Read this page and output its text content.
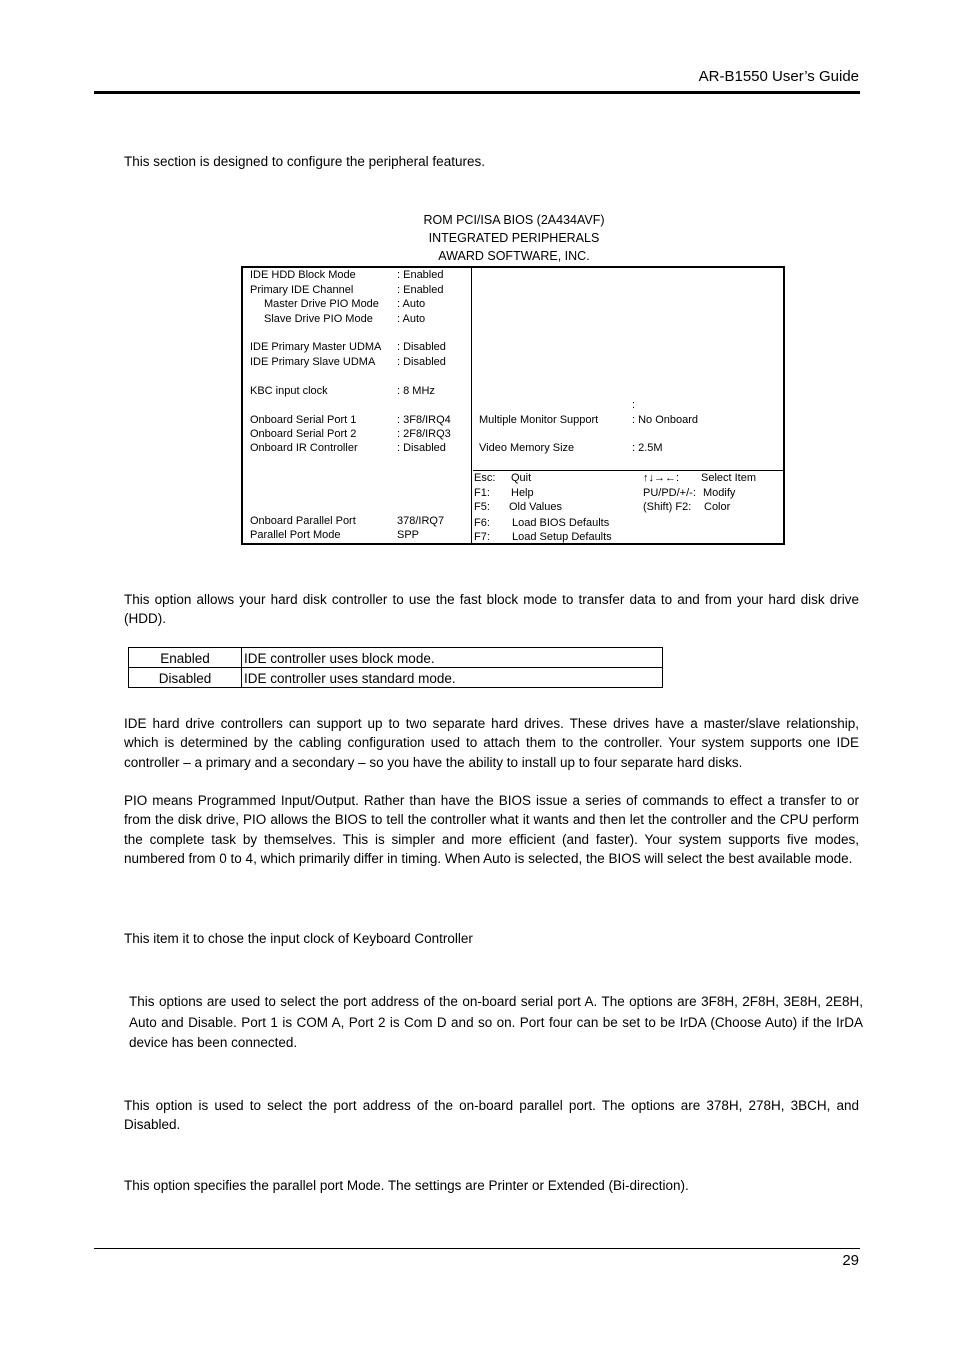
AR-B1550 User’s Guide
This section is designed to configure the peripheral features.
ROM PCI/ISA BIOS (2A434AVF)
INTEGRATED PERIPHERALS
AWARD SOFTWARE, INC.
IDE HDD Block Mode	: Enabled
Primary IDE Channel	: Enabled
Master Drive PIO Mode : Auto
Slave Drive PIO Mode : Auto
IDE Primary Master UDMA : Disabled
IDE Primary Slave UDMA : Disabled
KBC input clock	: 8 MHz
Onboard Serial Port 1	: 3F8/IRQ4
Onboard Serial Port 2	: 2F8/IRQ3
Onboard IR Controller	: Disabled
Onboard Parallel Port	378/IRQ7
Parallel Port Mode	SPP
:
Multiple Monitor Support	: No Onboard
Video Memory Size	: 2.5M
Esc: Quit	↑↓→←: Select Item
F1: Help	PU/PD/+/-: Modify
F5: Old Values	(Shift) F2: Color
F6: Load BIOS Defaults
F7: Load Setup Defaults
This option allows your hard disk controller to use the fast block mode to transfer data to and from your hard disk drive (HDD).
Enabled	IDE controller uses block mode.
Disabled	IDE controller uses standard mode.
IDE hard drive controllers can support up to two separate hard drives. These drives have a master/slave relationship, which is determined by the cabling configuration used to attach them to the controller. Your system supports one IDE controller – a primary and a secondary – so you have the ability to install up to four separate hard disks.
PIO means Programmed Input/Output. Rather than have the BIOS issue a series of commands to effect a transfer to or from the disk drive, PIO allows the BIOS to tell the controller what it wants and then let the controller and the CPU perform the complete task by themselves. This is simpler and more efficient (and faster). Your system supports five modes, numbered from 0 to 4, which primarily differ in timing. When Auto is selected, the BIOS will select the best available mode.
This item it to chose the input clock of Keyboard Controller
This options are used to select the port address of the on-board serial port A. The options are 3F8H, 2F8H, 3E8H, 2E8H, Auto and Disable. Port 1 is COM A, Port 2 is Com D and so on. Port four can be set to be IrDA (Choose Auto) if the IrDA device has been connected.
This option is used to select the port address of the on-board parallel port. The options are 378H, 278H, 3BCH, and Disabled.
This option specifies the parallel port Mode. The settings are Printer or Extended (Bi-direction).
29
